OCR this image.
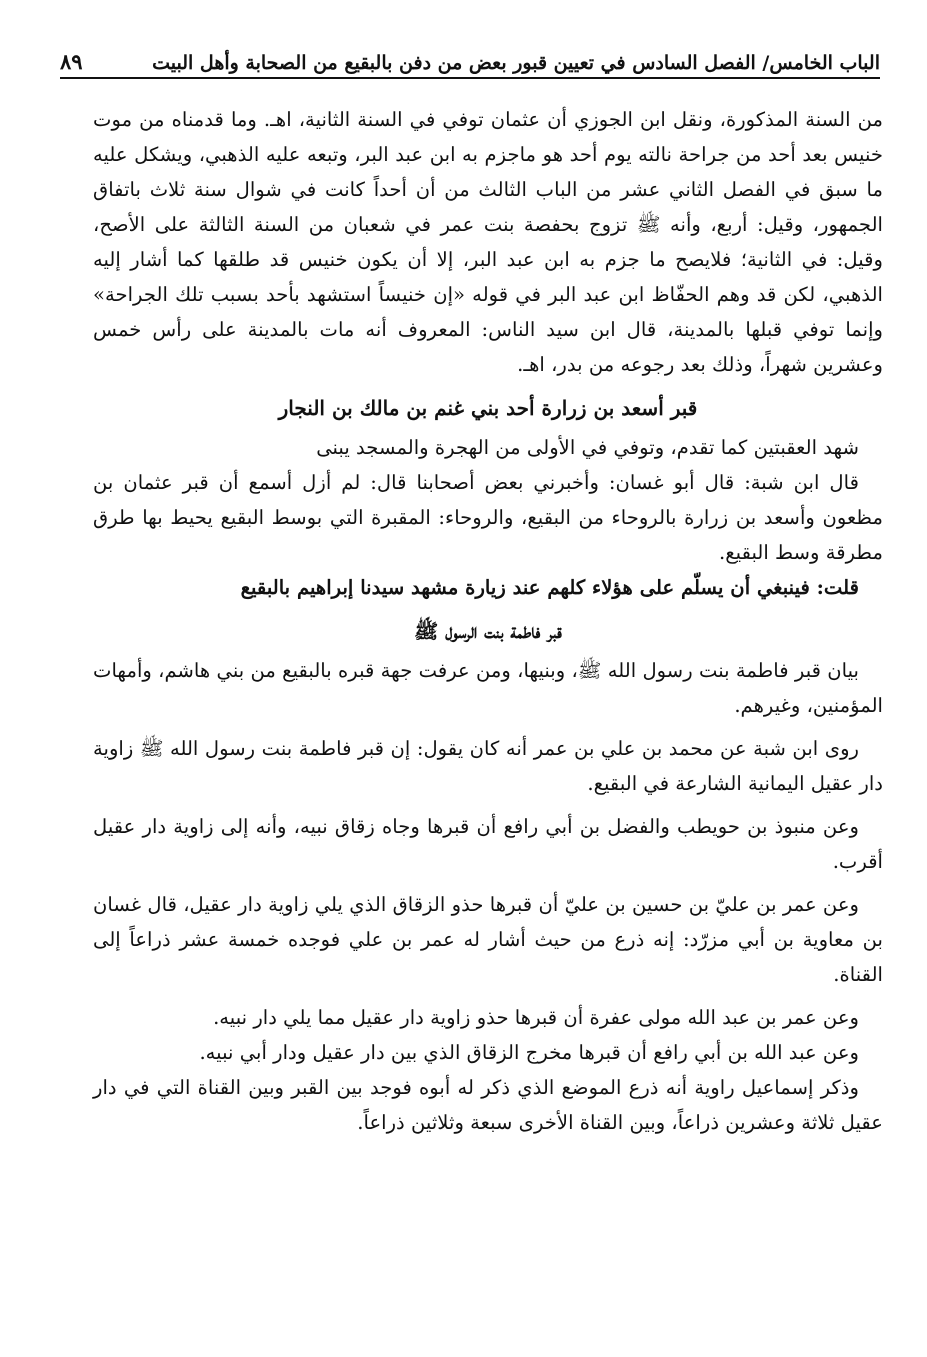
الباب الخامس/ الفصل السادس في تعيين قبور بعض من دفن بالبقيع من الصحابة وأهل البيت
٨٩

من السنة المذكورة، ونقل ابن الجوزي أن عثمان توفي في السنة الثانية، اهـ. وما قدمناه من موت خنيس بعد أحد من جراحة نالته يوم أحد هو ماجزم به ابن عبد البر، وتبعه عليه الذهبي، ويشكل عليه ما سبق في الفصل الثاني عشر من الباب الثالث من أن أحداً كانت في شوال سنة ثلاث باتفاق الجمهور، وقيل: أربع، وأنه ﷺ تزوج بحفصة بنت عمر في شعبان من السنة الثالثة على الأصح، وقيل: في الثانية؛ فلايصح ما جزم به ابن عبد البر، إلا أن يكون خنيس قد طلقها كما أشار إليه الذهبي، لكن قد وهم الحفّاظ ابن عبد البر في قوله «إن خنيساً استشهد بأحد بسبب تلك الجراحة» وإنما توفي قبلها بالمدينة، قال ابن سيد الناس: المعروف أنه مات بالمدينة على رأس خمس وعشرين شهراً، وذلك بعد رجوعه من بدر، اهـ.

قبر أسعد بن زرارة أحد بني غنم بن مالك بن النجار

شهد العقبتين كما تقدم، وتوفي في الأولى من الهجرة والمسجد يبنى

قال ابن شبة: قال أبو غسان: وأخبرني بعض أصحابنا قال: لم أزل أسمع أن قبر عثمان بن مظعون وأسعد بن زرارة بالروحاء من البقيع، والروحاء: المقبرة التي بوسط البقيع يحيط بها طرق مطرقة وسط البقيع.

قلت: فينبغي أن يسلّم على هؤلاء كلهم عند زيارة مشهد سيدنا إبراهيم بالبقيع

قبر فاطمة بنت الرسول ﷺ

بيان قبر فاطمة بنت رسول الله ﷺ، وبنيها، ومن عرفت جهة قبره بالبقيع من بني هاشم، وأمهات المؤمنين، وغيرهم.

روى ابن شبة عن محمد بن علي بن عمر أنه كان يقول: إن قبر فاطمة بنت رسول الله ﷺ زاوية دار عقيل اليمانية الشارعة في البقيع.

وعن منبوذ بن حويطب والفضل بن أبي رافع أن قبرها وجاه زقاق نبيه، وأنه إلى زاوية دار عقيل أقرب.

وعن عمر بن عليّ بن حسين بن عليّ أن قبرها حذو الزقاق الذي يلي زاوية دار عقيل، قال غسان بن معاوية بن أبي مزرّد: إنه ذرع من حيث أشار له عمر بن علي فوجده خمسة عشر ذراعاً إلى القناة.

وعن عمر بن عبد الله مولى عفرة أن قبرها حذو زاوية دار عقيل مما يلي دار نبيه.

وعن عبد الله بن أبي رافع أن قبرها مخرج الزقاق الذي بين دار عقيل ودار أبي نبيه.

وذكر إسماعيل راوية أنه ذرع الموضع الذي ذكر له أبوه فوجد بين القبر وبين القناة التي في دار عقيل ثلاثة وعشرين ذراعاً، وبين القناة الأخرى سبعة وثلاثين ذراعاً.
